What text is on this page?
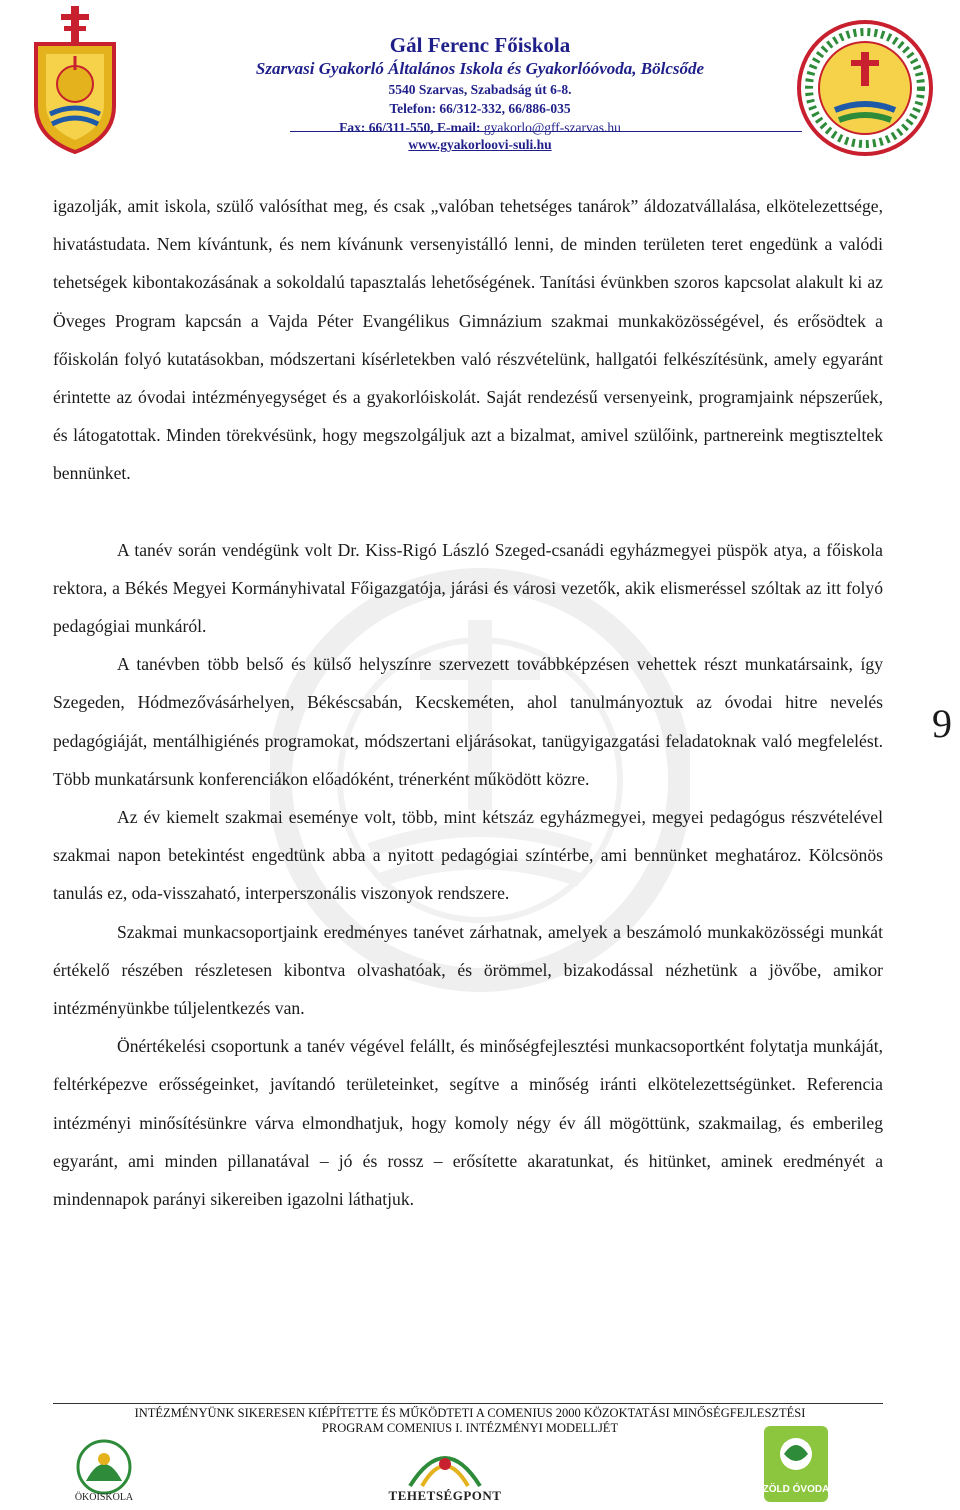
Gál Ferenc Főiskola

Szarvasi Gyakorló Általános Iskola és Gyakorlóóvoda, Bölcsőde

5540 Szarvas, Szabadság út 6-8.

Telefon: 66/312-332, 66/886-035

Fax: 66/311-550, E-mail: gyakorlo@gff-szarvas.hu

www.gyakorloovi-suli.hu

igazolják, amit iskola, szülő valósíthat meg, és csak „valóban tehetséges tanárok” áldozatvállalása, elkötelezettsége, hivatástudata. Nem kívántunk, és nem kívánunk versenyistálló lenni, de minden területen teret engedünk a valódi tehetségek kibontakozásának a sokoldalú tapasztalás lehetőségének. Tanítási évünkben szoros kapcsolat alakult ki az Öveges Program kapcsán a Vajda Péter Evangélikus Gimnázium szakmai munkaközösségével, és erősödtek a főiskolán folyó kutatásokban, módszertani kísérletekben való részvételünk, hallgatói felkészítésünk, amely egyaránt érintette az óvodai intézményegységet és a gyakorlóiskolát. Saját rendezésű versenyeink, programjaink népszerűek, és látogatottak. Minden törekvésünk, hogy megszolgáljuk azt a bizalmat, amivel szülőink, partnereink megtiszteltek bennünket.

A tanév során vendégünk volt Dr. Kiss-Rigó László Szeged-csanádi egyházmegyei püspök atya, a főiskola rektora, a Békés Megyei Kormányhivatal Főigazgatója, járási és városi vezetők, akik elismeréssel szóltak az itt folyó pedagógiai munkáról.

A tanévben több belső és külső helyszínre szervezett továbbképzésen vehettek részt munkatársaink, így Szegeden, Hódmezővásárhelyen, Békéscsabán, Kecskeméten, ahol tanulmányoztuk az óvodai hitre nevelés pedagógiáját, mentálhigiénés programokat, módszertani eljárásokat, tanügyigazgatási feladatoknak való megfelelést. Több munkatársunk konferenciákon előadóként, trénerként működött közre.

Az év kiemelt szakmai eseménye volt, több, mint kétszáz egyházmegyei, megyei pedagógus részvételével szakmai napon betekintést engedtünk abba a nyitott pedagógiai színtérbe, ami bennünket meghatároz. Kölcsönös tanulás ez, oda-visszaható, interperszonális viszonyok rendszere.

Szakmai munkacsoportjaink eredményes tanévet zárhatnak, amelyek a beszámoló munkaközösségi munkát értékelő részében részletesen kibontva olvashatóak, és örömmel, bizakodással nézhetünk a jövőbe, amikor intézményünkbe túljelentkezés van.

Önértékelési csoportunk a tanév végével felállt, és minőségfejlesztési munkacsoportként folytatja munkáját, feltérképezve erősségeinket, javítandó területeinket, segítve a minőség iránti elkötelezettségünket. Referencia intézményi minősítésünkre várva elmondhatjuk, hogy komoly négy év áll mögöttünk, szakmailag, és emberileg egyaránt, ami minden pillanatával – jó és rossz – erősítette akaratunkat, és hitünket, aminek eredményét a mindennapok parányi sikereiben igazolni láthatjuk.

9
INTÉZMÉNYÜNK SIKERESEN KIÉPÍTETTE ÉS MŰKÖDTETI A COMENIUS 2000 KÖZOKTATÁSI MINŐSÉGFEJLESZTÉSI
PROGRAM COMENIUS I. INTÉZMÉNYI MODELLJÉT
ÖKOISKOLA	TEHETSÉGPONT	ZÖLD ÓVODA
